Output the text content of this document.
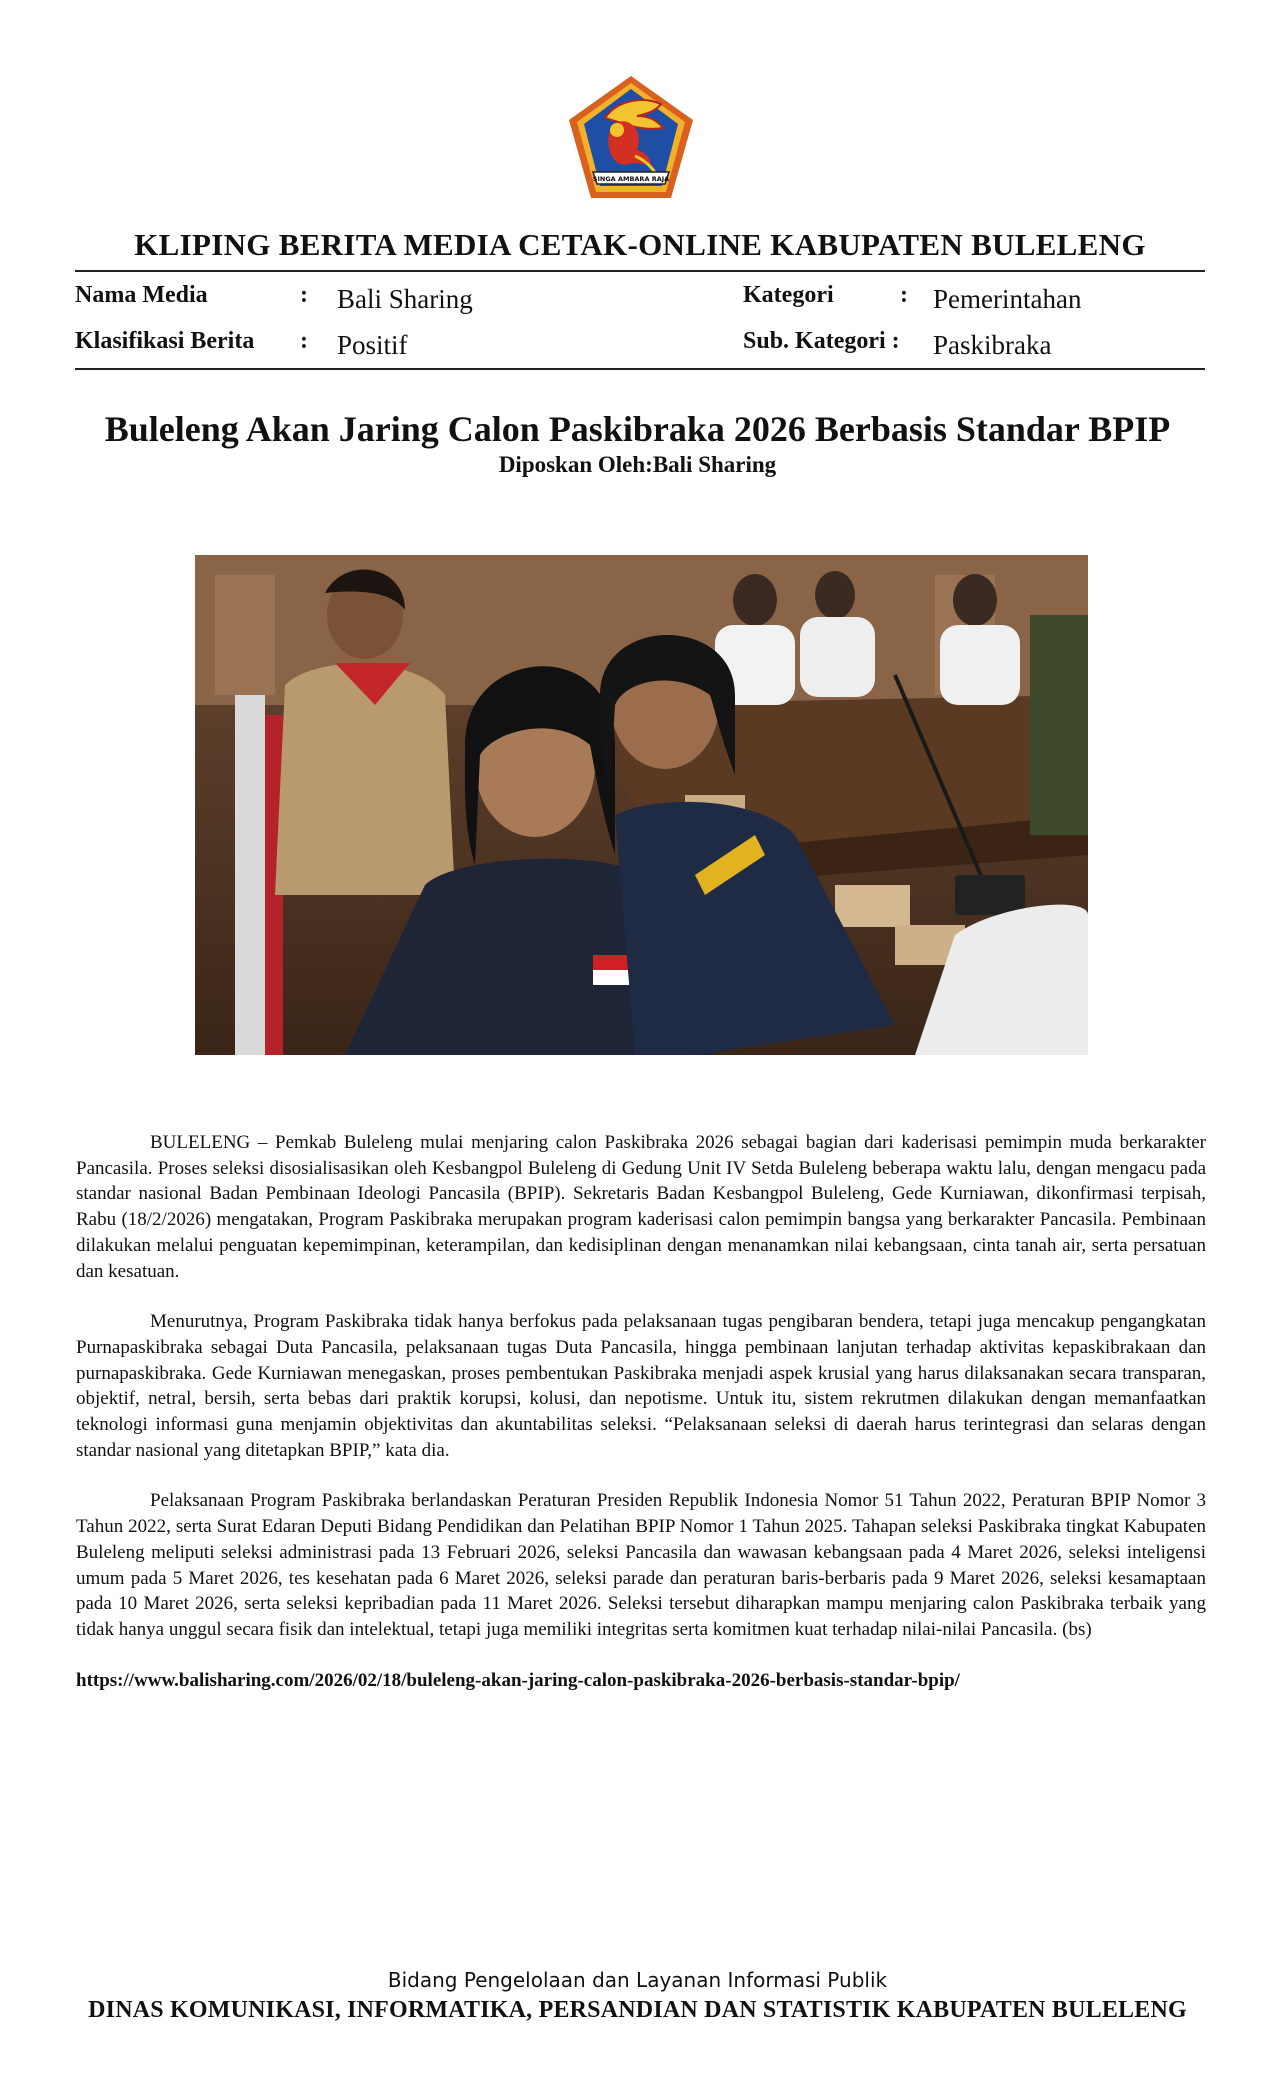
SINGA AMBARA RAJA
KLIPING BERITA MEDIA CETAK-ONLINE KABUPATEN BULELENG
Nama Media	: Bali Sharing	Kategori	: Pemerintahan
Klasifikasi Berita : Positif	Sub. Kategori : Paskibraka
Buleleng Akan Jaring Calon Paskibraka 2026 Berbasis Standar BPIP
Diposkan Oleh:Bali Sharing

BULELENG – Pemkab Buleleng mulai menjaring calon Paskibraka 2026 sebagai bagian dari kaderisasi pemimpin muda berkarakter Pancasila. Proses seleksi disosialisasikan oleh Kesbangpol Buleleng di Gedung Unit IV Setda Buleleng beberapa waktu lalu, dengan mengacu pada standar nasional Badan Pembinaan Ideologi Pancasila (BPIP). Sekretaris Badan Kesbangpol Buleleng, Gede Kurniawan, dikonfirmasi terpisah, Rabu (18/2/2026) mengatakan, Program Paskibraka merupakan program kaderisasi calon pemimpin bangsa yang berkarakter Pancasila. Pembinaan dilakukan melalui penguatan kepemimpinan, keterampilan, dan kedisiplinan dengan menanamkan nilai kebangsaan, cinta tanah air, serta persatuan dan kesatuan.

Menurutnya, Program Paskibraka tidak hanya berfokus pada pelaksanaan tugas pengibaran bendera, tetapi juga mencakup pengangkatan Purnapaskibraka sebagai Duta Pancasila, pelaksanaan tugas Duta Pancasila, hingga pembinaan lanjutan terhadap aktivitas kepaskibrakaan dan purnapaskibraka. Gede Kurniawan menegaskan, proses pembentukan Paskibraka menjadi aspek krusial yang harus dilaksanakan secara transparan, objektif, netral, bersih, serta bebas dari praktik korupsi, kolusi, dan nepotisme. Untuk itu, sistem rekrutmen dilakukan dengan memanfaatkan teknologi informasi guna menjamin objektivitas dan akuntabilitas seleksi. “Pelaksanaan seleksi di daerah harus terintegrasi dan selaras dengan standar nasional yang ditetapkan BPIP,” kata dia.

Pelaksanaan Program Paskibraka berlandaskan Peraturan Presiden Republik Indonesia Nomor 51 Tahun 2022, Peraturan BPIP Nomor 3 Tahun 2022, serta Surat Edaran Deputi Bidang Pendidikan dan Pelatihan BPIP Nomor 1 Tahun 2025. Tahapan seleksi Paskibraka tingkat Kabupaten Buleleng meliputi seleksi administrasi pada 13 Februari 2026, seleksi Pancasila dan wawasan kebangsaan pada 4 Maret 2026, seleksi inteligensi umum pada 5 Maret 2026, tes kesehatan pada 6 Maret 2026, seleksi parade dan peraturan baris-berbaris pada 9 Maret 2026, seleksi kesamaptaan pada 10 Maret 2026, serta seleksi kepribadian pada 11 Maret 2026. Seleksi tersebut diharapkan mampu menjaring calon Paskibraka terbaik yang tidak hanya unggul secara fisik dan intelektual, tetapi juga memiliki integritas serta komitmen kuat terhadap nilai-nilai Pancasila. (bs)

https://www.balisharing.com/2026/02/18/buleleng-akan-jaring-calon-paskibraka-2026-berbasis-standar-bpip/
Bidang Pengelolaan dan Layanan Informasi Publik
DINAS KOMUNIKASI, INFORMATIKA, PERSANDIAN DAN STATISTIK KABUPATEN BULELENG
